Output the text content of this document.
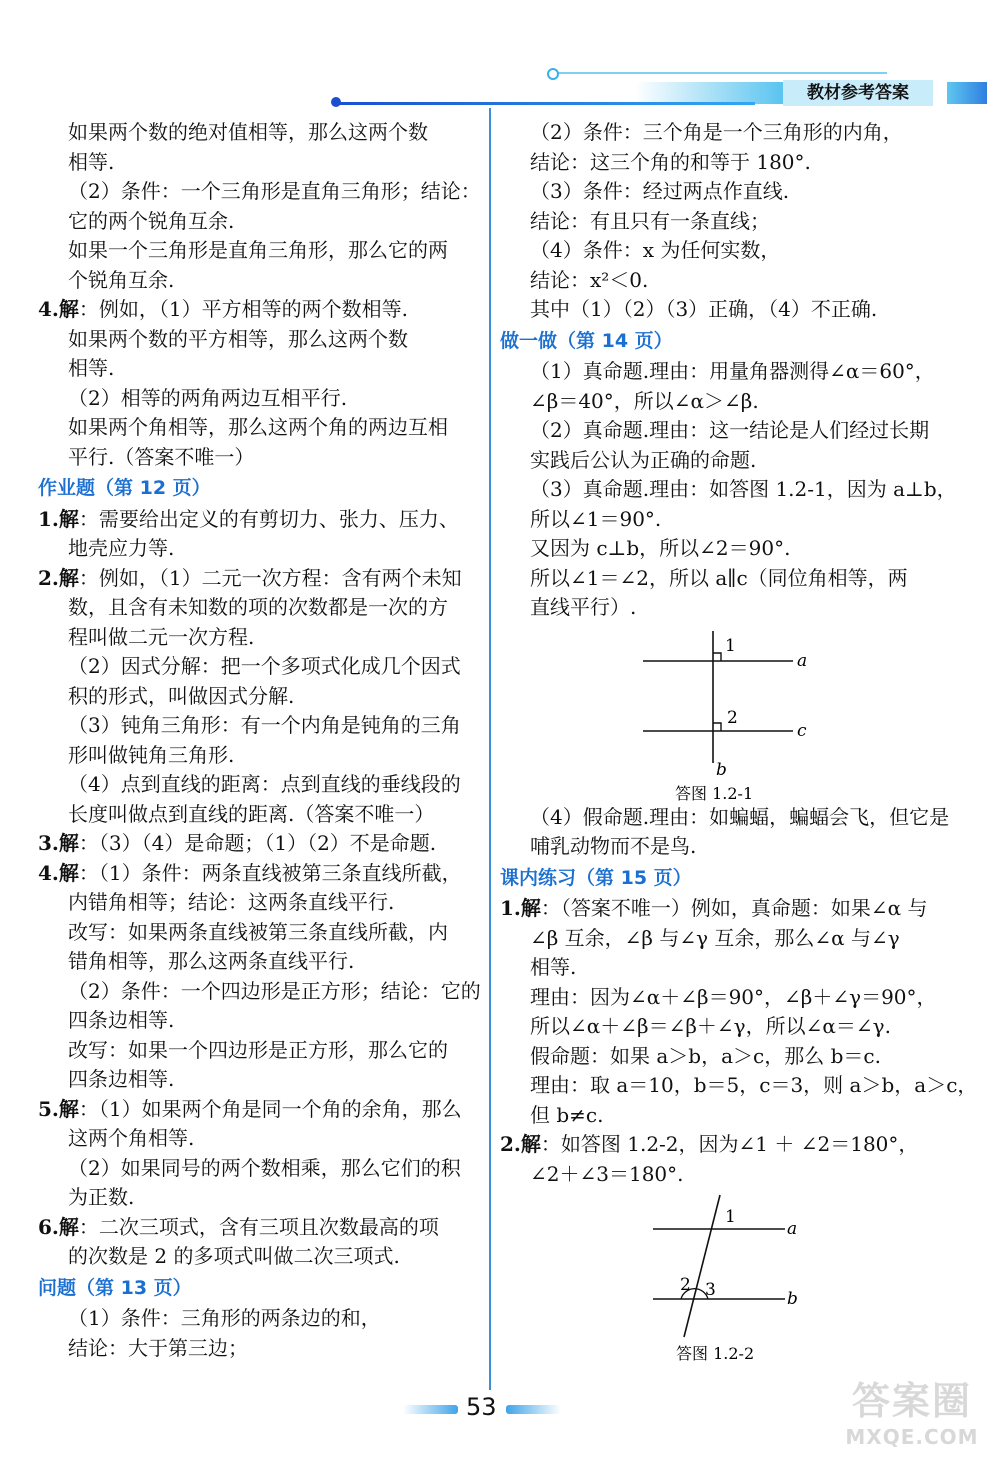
教材参考答案

如果两个数的绝对值相等，那么这两个数

相等.

（2）条件：一个三角形是直角三角形；结论：

它的两个锐角互余.

如果一个三角形是直角三角形，那么它的两

个锐角互余.

4.解：例如，（1）平方相等的两个数相等.

如果两个数的平方相等，那么这两个数

相等.

（2）相等的两角两边互相平行.

如果两个角相等，那么这两个角的两边互相

平行.（答案不唯一）

作业题（第 12 页）

1.解：需要给出定义的有剪切力、张力、压力、

地壳应力等.

2.解：例如，（1）二元一次方程：含有两个未知

数，且含有未知数的项的次数都是一次的方

程叫做二元一次方程.

（2）因式分解：把一个多项式化成几个因式

积的形式，叫做因式分解.

（3）钝角三角形：有一个内角是钝角的三角

形叫做钝角三角形.

（4）点到直线的距离：点到直线的垂线段的

长度叫做点到直线的距离.（答案不唯一）

3.解：（3）（4）是命题；（1）（2）不是命题.

4.解：（1）条件：两条直线被第三条直线所截，

内错角相等；结论：这两条直线平行.

改写：如果两条直线被第三条直线所截，内

错角相等，那么这两条直线平行.

（2）条件：一个四边形是正方形；结论：它的

四条边相等.

改写：如果一个四边形是正方形，那么它的

四条边相等.

5.解：（1）如果两个角是同一个角的余角，那么

这两个角相等.

（2）如果同号的两个数相乘，那么它们的积

为正数.

6.解：二次三项式，含有三项且次数最高的项

的次数是 2 的多项式叫做二次三项式.

问题（第 13 页）

（1）条件：三角形的两条边的和，

结论：大于第三边；

（2）条件：三个角是一个三角形的内角，

结论：这三个角的和等于 180°.

（3）条件：经过两点作直线.

结论：有且只有一条直线；

（4）条件：x 为任何实数，

结论：x²＜0.

其中（1）（2）（3）正确，（4）不正确.

做一做（第 14 页）

（1）真命题.理由：用量角器测得∠α＝60°，

∠β＝40°，所以∠α＞∠β.

（2）真命题.理由：这一结论是人们经过长期

实践后公认为正确的命题.

（3）真命题.理由：如答图 1.2-1，因为 a⊥b，

所以∠1＝90°.

又因为 c⊥b，所以∠2＝90°.

所以∠1＝∠2，所以 a∥c（同位角相等，两

直线平行）.

1
2
a
c
b
答图 1.2-1

（4）假命题.理由：如蝙蝠，蝙蝠会飞，但它是

哺乳动物而不是鸟.

课内练习（第 15 页）

1.解：（答案不唯一）例如，真命题：如果∠α 与

∠β 互余，∠β 与∠γ 互余，那么∠α 与∠γ

相等.

理由：因为∠α＋∠β＝90°，∠β＋∠γ＝90°，

所以∠α＋∠β＝∠β＋∠γ，所以∠α＝∠γ.

假命题：如果 a＞b，a＞c，那么 b＝c.

理由：取 a＝10，b＝5，c＝3，则 a＞b，a＞c，

但 b≠c.

2.解：如答图 1.2-2，因为∠1 ＋ ∠2＝180°，

∠2＋∠3＝180°.

1
2 3
a
b
答图 1.2-2
53	答案圈
MXQE.COM
